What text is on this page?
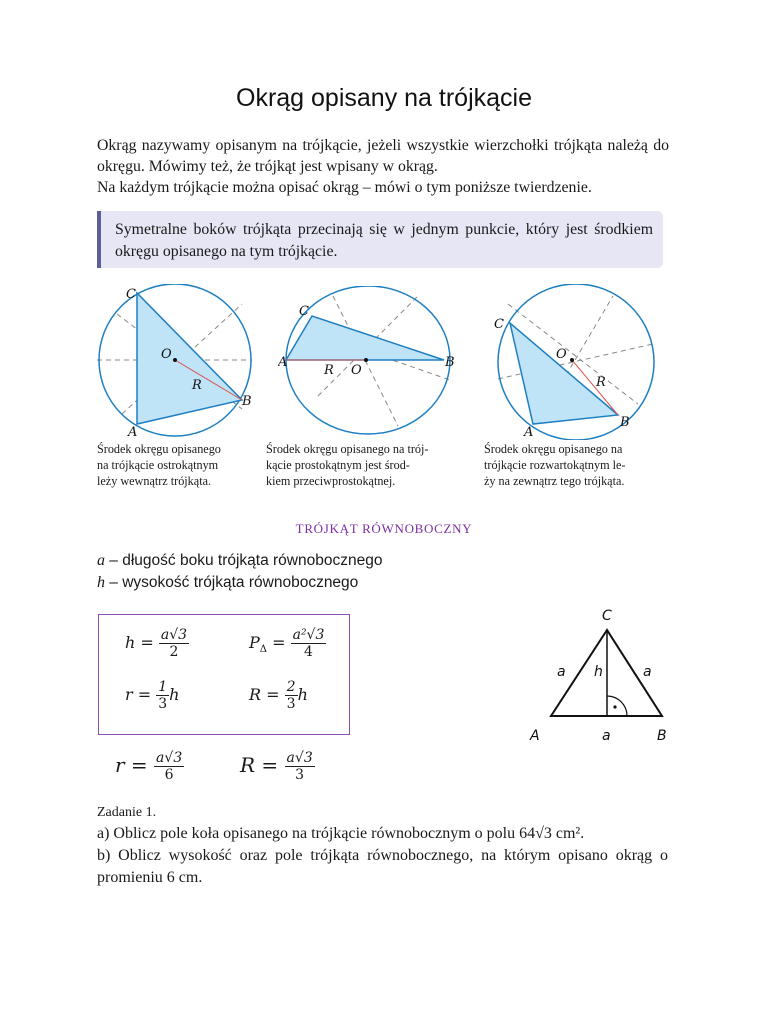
Okrąg opisany na trójkącie

Okrąg nazywamy opisanym na trójkącie, jeżeli wszystkie wierzchołki trójkąta należą do okręgu. Mówimy też, że trójkąt jest wpisany w okrąg.

Na każdym trójkącie można opisać okrąg – mówi o tym poniższe twierdzenie.

Symetralne boków trójkąta przecinają się w jednym punkcie, który jest środkiem okręgu opisanego na tym trójkącie.
C
A
B
O
R
C
A	B
O
R
C
A
B
O
R
Środek okręgu opisanego
na trójkącie ostrokątnym
leży wewnątrz trójkąta.
Środek okręgu opisanego na trój-
kącie prostokątnym jest środ-
kiem przeciwprostokątnej.
Środek okręgu opisanego na
trójkącie rozwartokątnym le-
ży na zewnątrz tego trójkąta.
TRÓJKĄT RÓWNOBOCZNY
a – długość boku trójkąta równobocznego
h – wysokość trójkąta równobocznego
$h = \frac{a√3}{2}$	$P_\Delta = \frac{\text{a²√3}}{4}$
$r = \frac{1}{3}$ h	$R = \frac{2}{3}$ h
$r = \frac{a√3}{6}$	$R = \frac{a√3}{3}$
C
A	B
a	a
a
h
Zadanie 1.
a) Oblicz pole koła opisanego na trójkącie równobocznym o polu 64√3 cm².
b) Oblicz wysokość oraz pole trójkąta równobocznego, na którym opisano okrąg o promieniu 6 cm.
